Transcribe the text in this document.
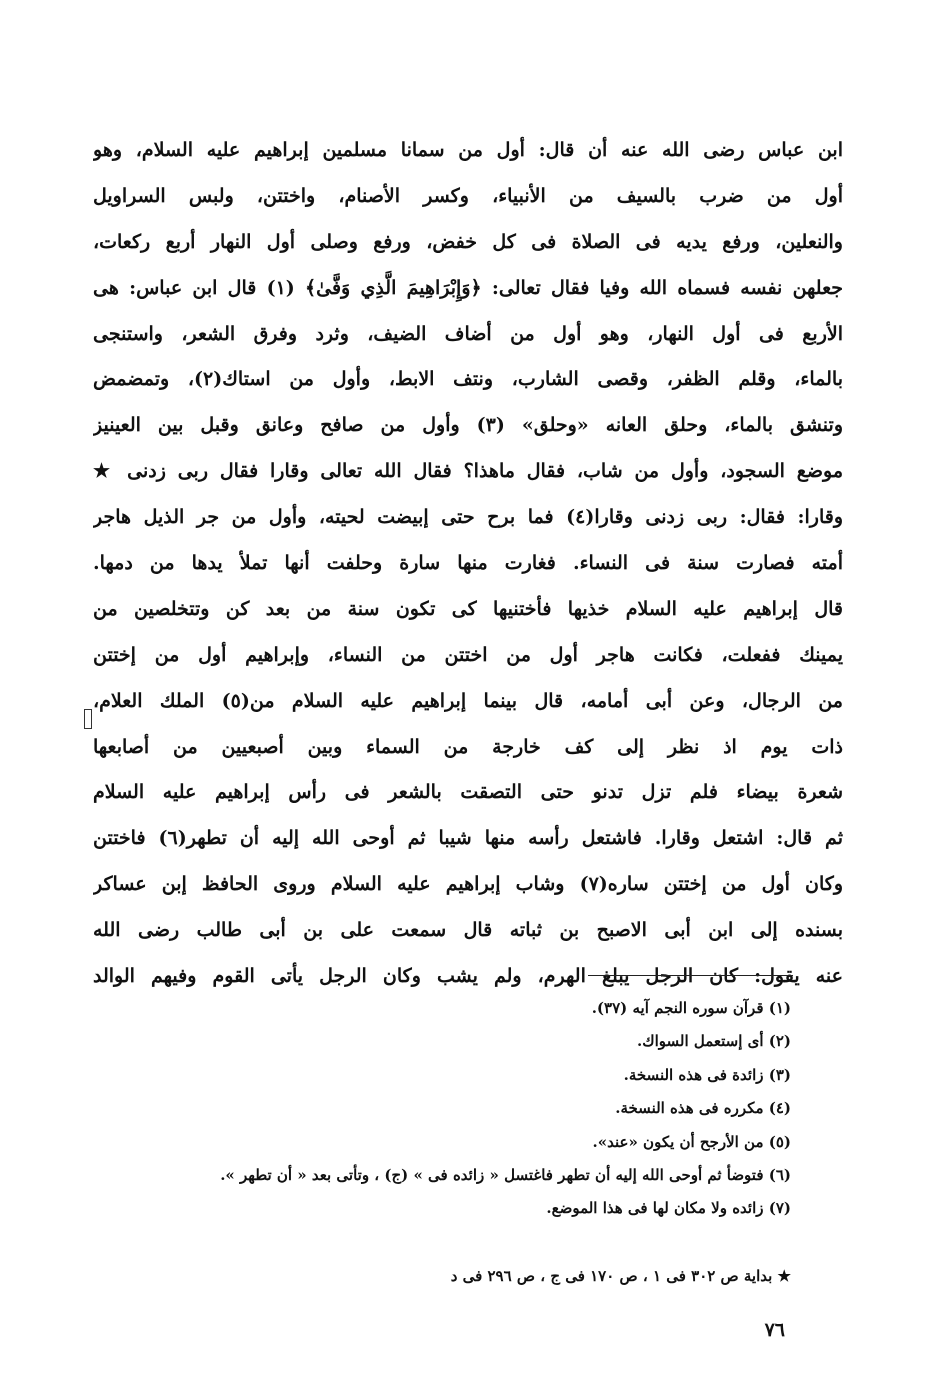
ابن عباس رضى الله عنه أن قال: أول من سمانا مسلمين إبراهيم عليه السلام، وهو
أول من ضرب بالسيف من الأنبياء، وكسر الأصنام، واختتن، ولبس السراويل
والنعلين، ورفع يديه فى الصلاة فى كل خفض، ورفع وصلى أول النهار أربع ركعات،
جعلهن نفسه فسماه الله وفيا فقال تعالى: ﴿وَإِبْرَاهِيمَ الَّذِي وَفَّىٰ﴾ (١) قال ابن عباس: هى
الأربع فى أول النهار، وهو أول من أضاف الضيف، وثرد وفرق الشعر، واستنجى
بالماء، وقلم الظفر، وقصى الشارب، ونتف الابط، وأول من استاك(٢)، وتمضمض
وتنشق بالماء، وحلق العانه «وحلق» (٣) وأول من صافح وعانق وقبل بين العينيز
موضع السجود، وأول من شاب، فقال ماهذا؟ فقال الله تعالى وقارا فقال ربى زدنى ★
وقارا: فقال: ربى زدنى وقارا(٤) فما برح حتى إبيضت لحيته، وأول من جر الذيل هاجر
أمته فصارت سنة فى النساء. فغارت منها سارة وحلفت أنها تملأ يدها من دمها.
قال إبراهيم عليه السلام خذيها فأختنيها كى تكون سنة من بعد كن وتتخلصين من
يمينك ففعلت، فكانت هاجر أول من اختتن من النساء، وإبراهيم أول من إختتن
من الرجال، وعن أبى أمامه، قال بينما إبراهيم عليه السلام من(٥) الملك العلام،
ذات يوم اذ نظر إلى كف خارجة من السماء وبين أصبعيين من أصابعها
شعرة بيضاء فلم تزل تدنو حتى التصقت بالشعر فى رأس إبراهيم عليه السلام
ثم قال: اشتعل وقارا. فاشتعل رأسه منها شيبا ثم أوحى الله إليه أن تطهر(٦) فاختتن
وكان أول من إختتن ساره(٧) وشاب إبراهيم عليه السلام وروى الحافظ إبن عساكر
بسنده إلى ابن أبى الاصبح بن ثباته قال سمعت على بن أبى طالب رضى الله
عنه يقول: كان الرجل يبلغ الهرم، ولم يشب وكان الرجل يأتى القوم وفيهم الوالد
(١) قرآن سوره النجم آيه (٣٧).
(٢) أى إستعمل السواك.
(٣) زائدة فى هذه النسخة.
(٤) مكرره فى هذه النسخة.
(٥) من الأرجح أن يكون «عند».
(٦) فتوضأ ثم أوحى الله إليه أن تطهر فاغتسل « زائده فى » (ج) ، وتأتى بعد « أن تطهر ».
(٧) زائده ولا مكان لها فى هذا الموضع.
★ بداية ص ٣٠٢ فى ١ ، ص ١٧٠ فى ج ، ص ٢٩٦ فى د
٧٦
